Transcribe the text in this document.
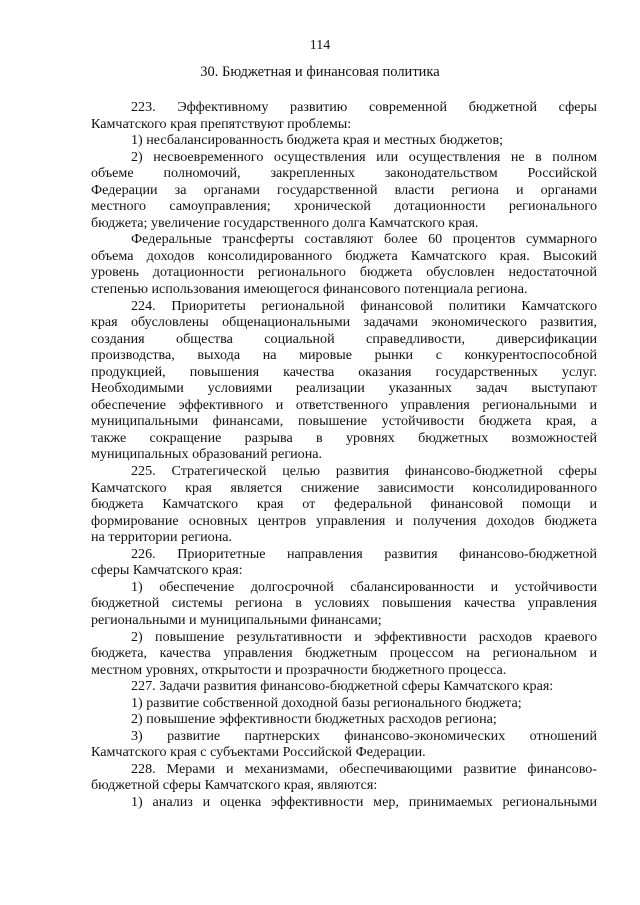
114
30. Бюджетная и финансовая политика
223. Эффективному развитию современной бюджетной сферы
Камчатского края препятствуют проблемы:
1) несбалансированность бюджета края и местных бюджетов;
2) несвоевременного осуществления или осуществления не в полном
объеме полномочий, закрепленных законодательством Российской
Федерации за органами государственной власти региона и органами
местного самоуправления; хронической дотационности регионального
бюджета; увеличение государственного долга Камчатского края.
Федеральные трансферты составляют более 60 процентов суммарного
объема доходов консолидированного бюджета Камчатского края. Высокий
уровень дотационности регионального бюджета обусловлен недостаточной
степенью использования имеющегося финансового потенциала региона.
224. Приоритеты региональной финансовой политики Камчатского
края обусловлены общенациональными задачами экономического развития,
создания общества социальной справедливости, диверсификации
производства, выхода на мировые рынки с конкурентоспособной
продукцией, повышения качества оказания государственных услуг.
Необходимыми условиями реализации указанных задач выступают
обеспечение эффективного и ответственного управления региональными и
муниципальными финансами, повышение устойчивости бюджета края, а
также сокращение разрыва в уровнях бюджетных возможностей
муниципальных образований региона.
225. Стратегической целью развития финансово-бюджетной сферы
Камчатского края является снижение зависимости консолидированного
бюджета Камчатского края от федеральной финансовой помощи и
формирование основных центров управления и получения доходов бюджета
на территории региона.
226. Приоритетные направления развития финансово-бюджетной
сферы Камчатского края:
1) обеспечение долгосрочной сбалансированности и устойчивости
бюджетной системы региона в условиях повышения качества управления
региональными и муниципальными финансами;
2) повышение результативности и эффективности расходов краевого
бюджета, качества управления бюджетным процессом на региональном и
местном уровнях, открытости и прозрачности бюджетного процесса.
227. Задачи развития финансово-бюджетной сферы Камчатского края:
1) развитие собственной доходной базы регионального бюджета;
2) повышение эффективности бюджетных расходов региона;
3) развитие партнерских финансово-экономических отношений
Камчатского края с субъектами Российской Федерации.
228. Мерами и механизмами, обеспечивающими развитие финансово-
бюджетной сферы Камчатского края, являются:
1) анализ и оценка эффективности мер, принимаемых региональными
